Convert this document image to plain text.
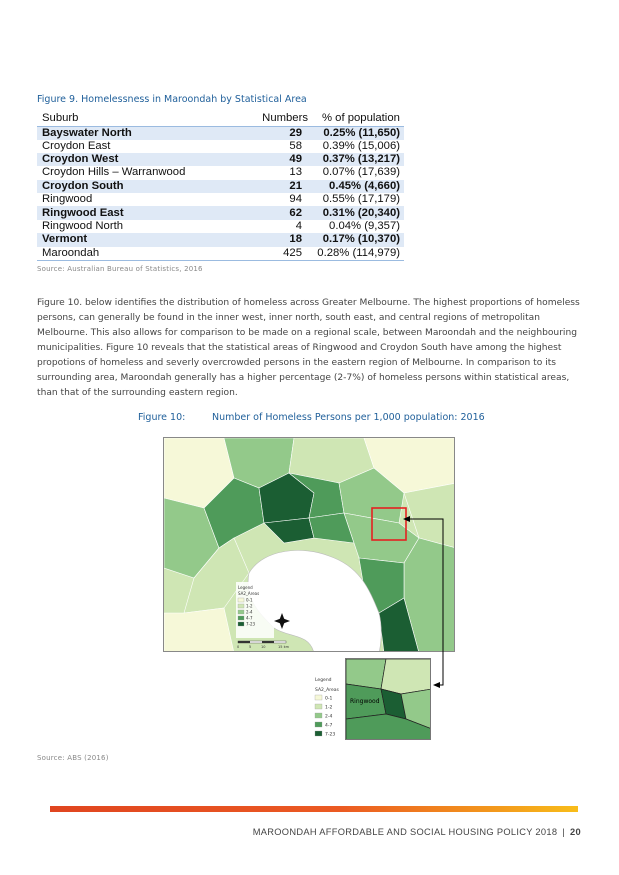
Figure 9. Homelessness in Maroondah by Statistical Area
Suburb	Numbers	% of population
Bayswater North	29	0.25% (11,650)
Croydon East	58	0.39% (15,006)
Croydon West	49	0.37% (13,217)
Croydon Hills – Warranwood	13	0.07% (17,639)
Croydon South	21	0.45% (4,660)
Ringwood	94	0.55% (17,179)
Ringwood East	62	0.31% (20,340)
Ringwood North	4	0.04% (9,357)
Vermont	18	0.17% (10,370)
Maroondah	425	0.28% (114,979)
Source: Australian Bureau of Statistics, 2016

Figure 10. below identifies the distribution of homeless across Greater Melbourne. The highest proportions of homeless persons, can generally be found in the inner west, inner north, south east, and central regions of metropolitan Melbourne. This also allows for comparison to be made on a regional scale, between Maroondah and the neighbouring municipalities. Figure 10 reveals that the statistical areas of Ringwood and Croydon South have among the highest propotions of homeless and severly overcrowded persons in the eastern region of Melbourne. In comparison to its surrounding area, Maroondah generally has a higher percentage (2-7%) of homeless persons within statistical areas, than that of the surrounding eastern region.

Figure 10:	Number of Homeless Persons per 1,000 population: 2016
Legend
SA2_Areas
0-1
1-2
2-4
4-7
7-23
0	5	10	15 km
Ringwood
Legend
SA2_Areas
0-1
1-2
2-4
4-7
7-23
Source: ABS (2016)
MAROONDAH AFFORDABLE AND SOCIAL HOUSING POLICY 2018 | 20
